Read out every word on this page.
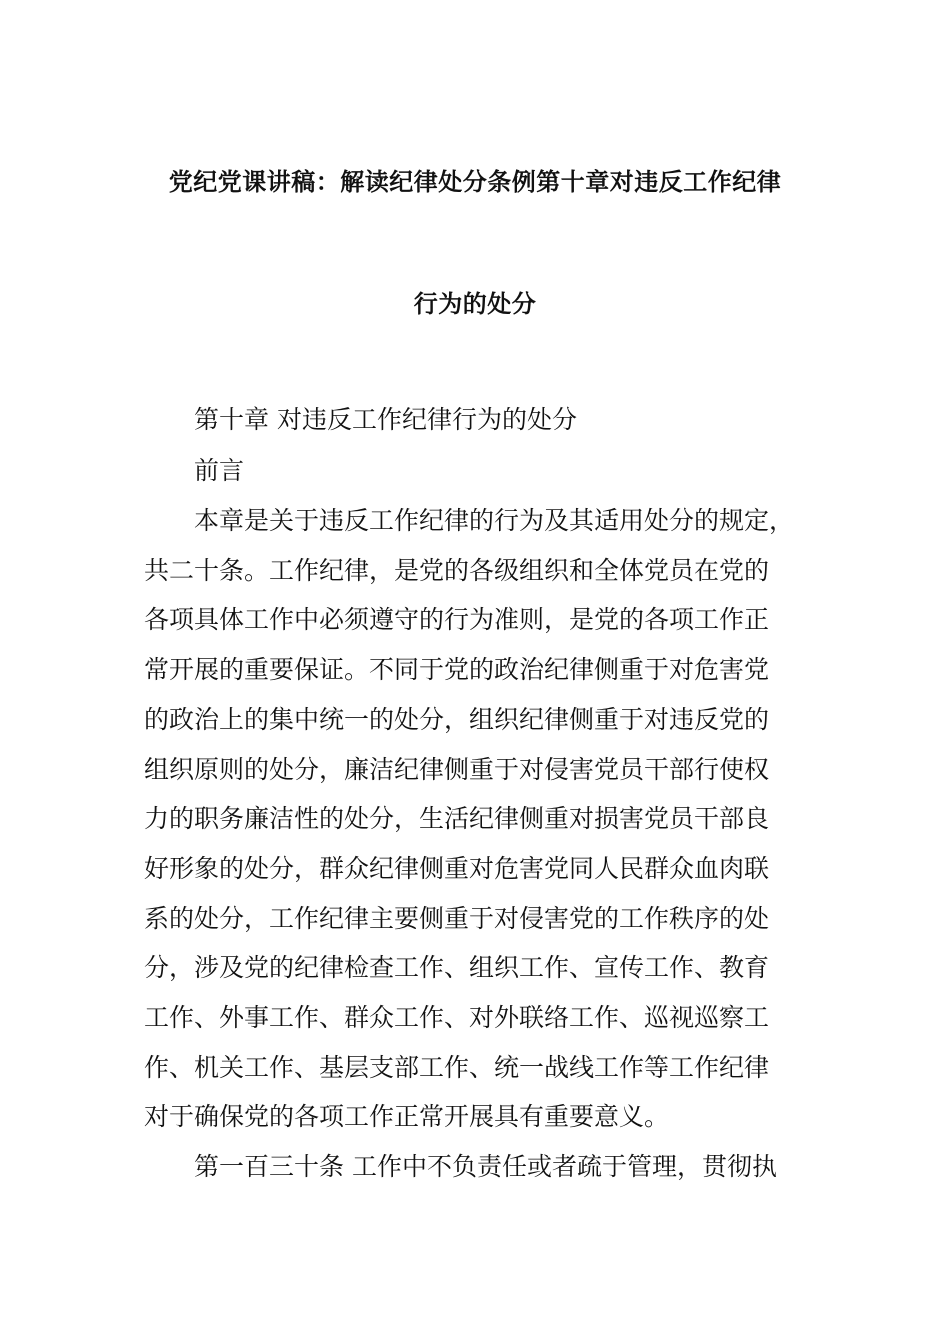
党纪党课讲稿：解读纪律处分条例第十章对违反工作纪律
行为的处分
第十章 对违反工作纪律行为的处分
前言
本章是关于违反工作纪律的行为及其适用处分的规定，
共二十条。工作纪律，是党的各级组织和全体党员在党的
各项具体工作中必须遵守的行为准则，是党的各项工作正
常开展的重要保证。不同于党的政治纪律侧重于对危害党
的政治上的集中统一的处分，组织纪律侧重于对违反党的
组织原则的处分，廉洁纪律侧重于对侵害党员干部行使权
力的职务廉洁性的处分，生活纪律侧重对损害党员干部良
好形象的处分，群众纪律侧重对危害党同人民群众血肉联
系的处分，工作纪律主要侧重于对侵害党的工作秩序的处
分，涉及党的纪律检查工作、组织工作、宣传工作、教育
工作、外事工作、群众工作、对外联络工作、巡视巡察工
作、机关工作、基层支部工作、统一战线工作等工作纪律
对于确保党的各项工作正常开展具有重要意义。
第一百三十条 工作中不负责任或者疏于管理，贯彻执
